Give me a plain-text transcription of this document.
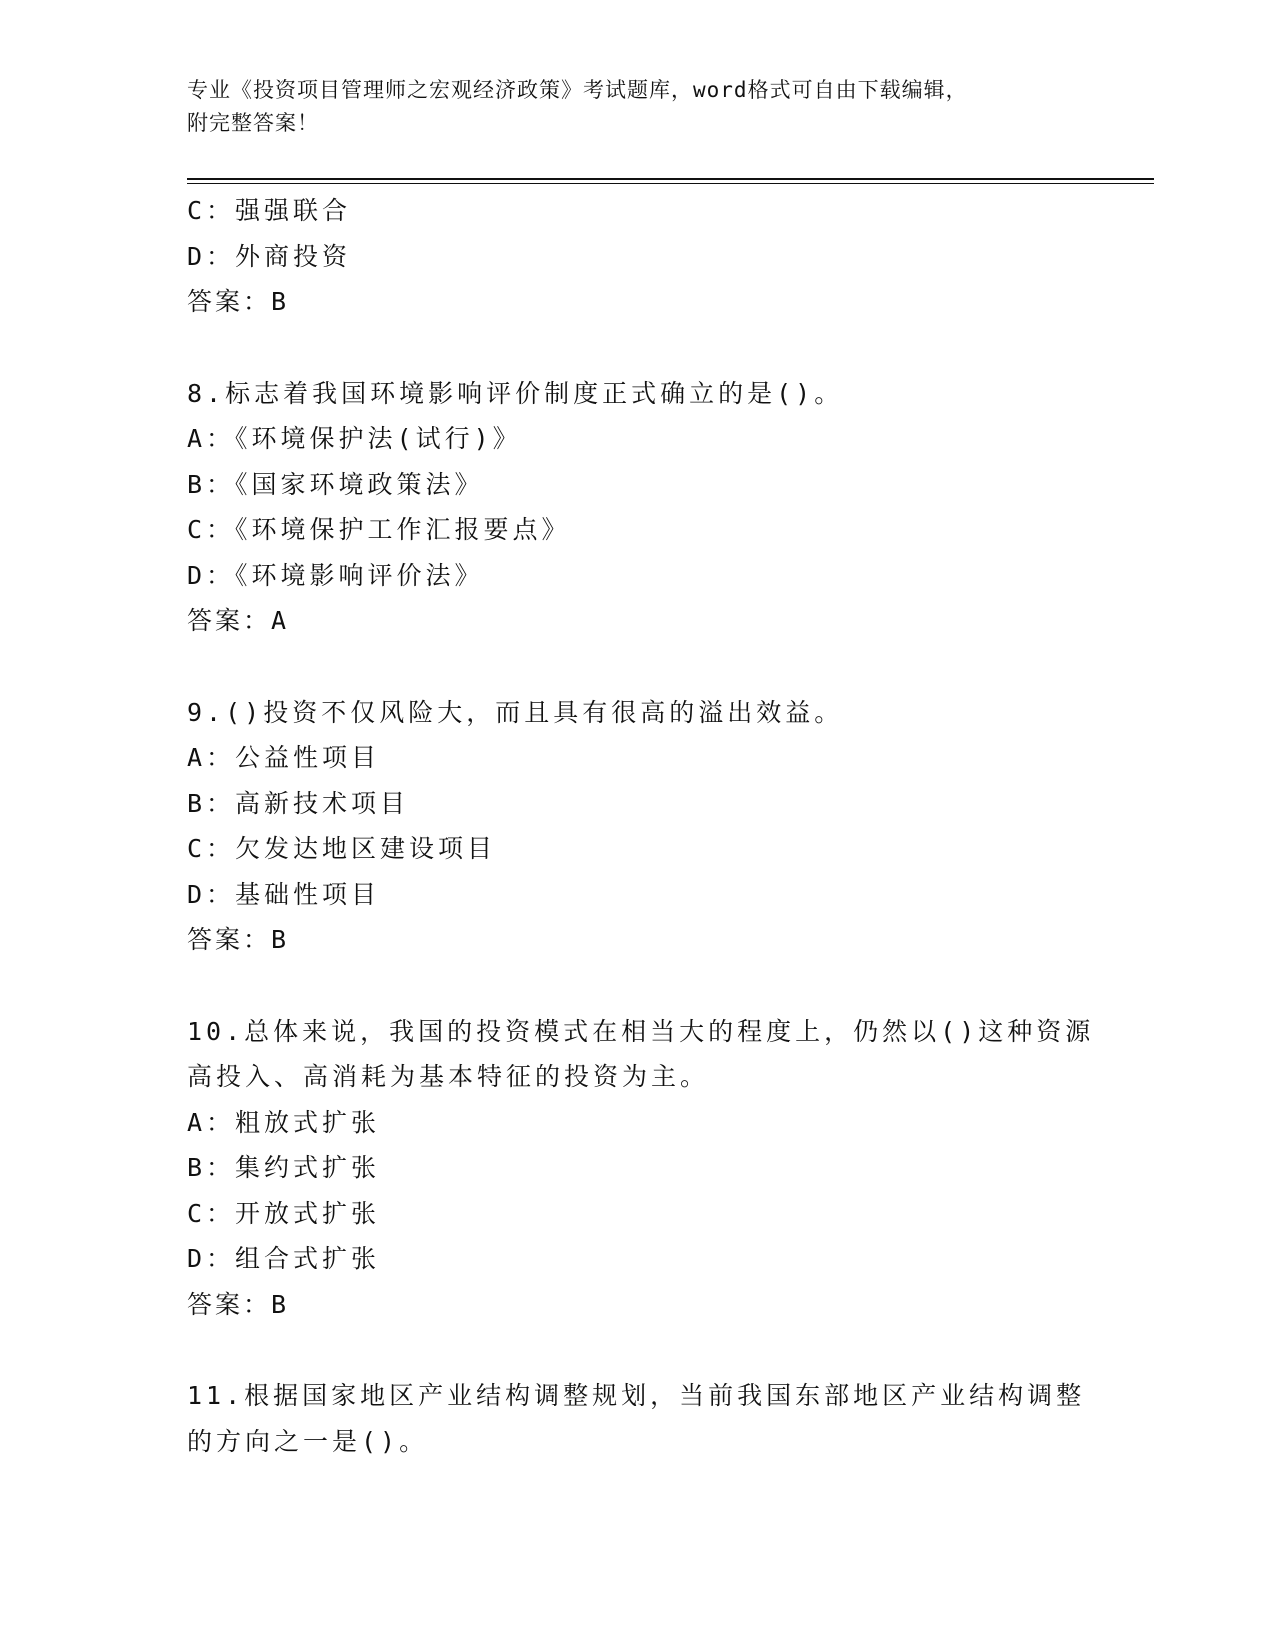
专业《投资项目管理师之宏观经济政策》考试题库，word格式可自由下载编辑，
附完整答案！
C：强强联合
D：外商投资
答案：B
8.标志着我国环境影响评价制度正式确立的是()。
A：《环境保护法(试行)》
B：《国家环境政策法》
C：《环境保护工作汇报要点》
D：《环境影响评价法》
答案：A
9.()投资不仅风险大，而且具有很高的溢出效益。
A：公益性项目
B：高新技术项目
C：欠发达地区建设项目
D：基础性项目
答案：B
10.总体来说，我国的投资模式在相当大的程度上，仍然以()这种资源
高投入、高消耗为基本特征的投资为主。
A：粗放式扩张
B：集约式扩张
C：开放式扩张
D：组合式扩张
答案：B
11.根据国家地区产业结构调整规划，当前我国东部地区产业结构调整
的方向之一是()。
